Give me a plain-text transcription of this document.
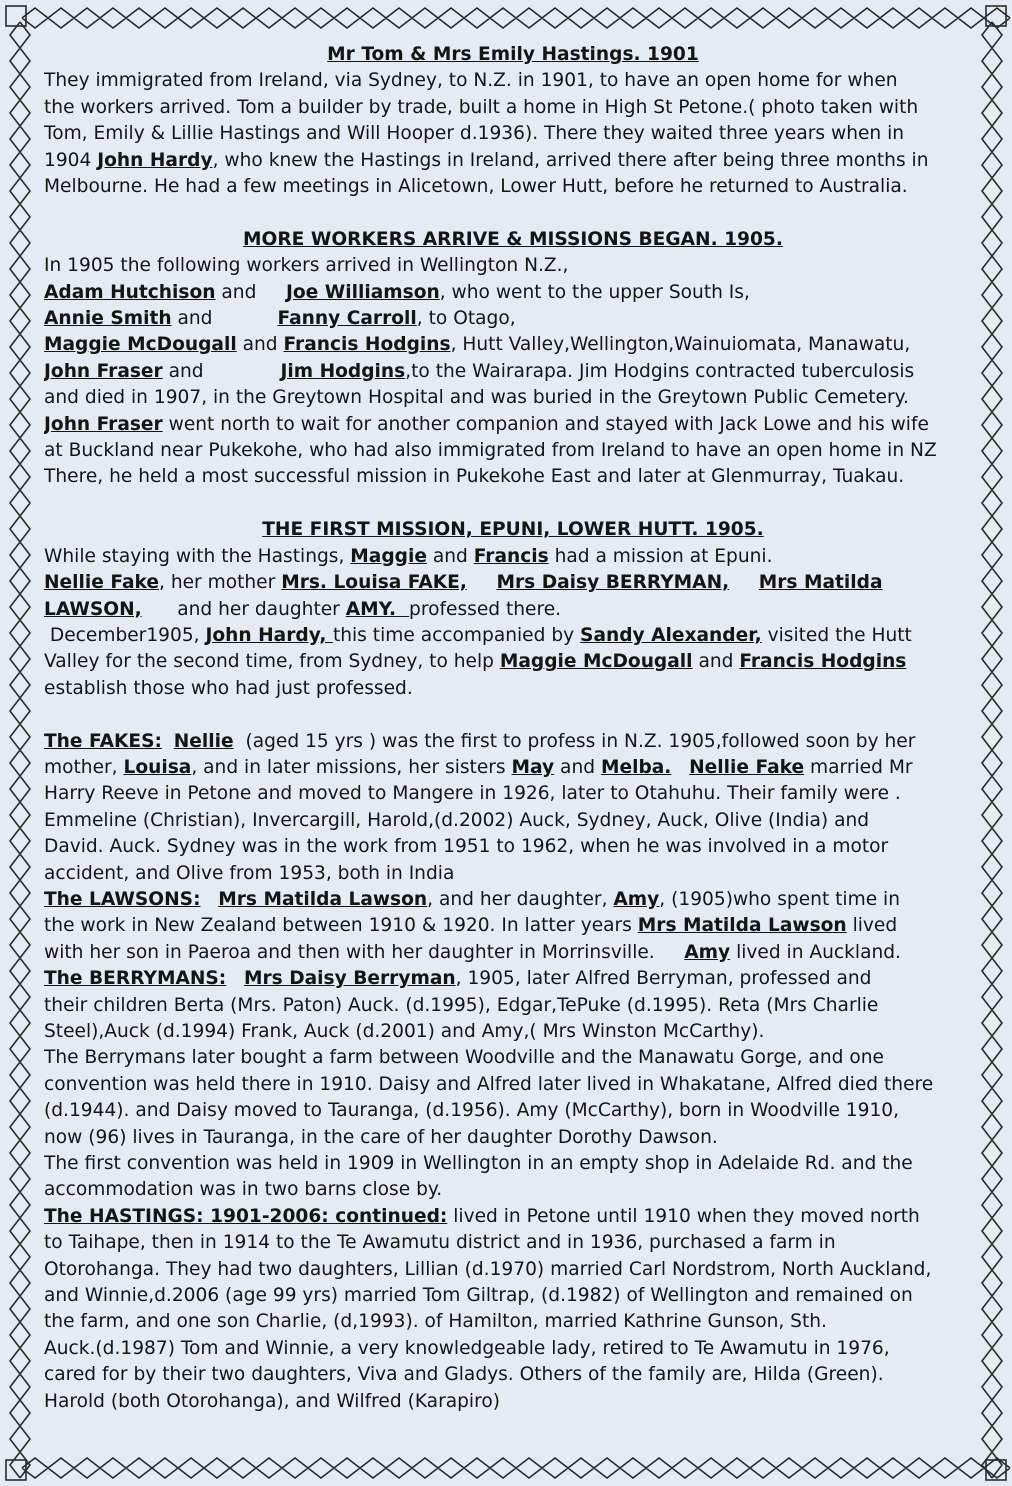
Mr Tom & Mrs Emily Hastings. 1901

They immigrated from Ireland, via Sydney, to N.Z. in 1901, to have an open home for when

the workers arrived. Tom a builder by trade, built a home in High St Petone.( photo taken with

Tom, Emily & Lillie Hastings and Will Hooper d.1936). There they waited three years when in

1904 John Hardy, who knew the Hastings in Ireland, arrived there after being three months in

Melbourne. He had a few meetings in Alicetown, Lower Hutt, before he returned to Australia.

MORE WORKERS ARRIVE & MISSIONS BEGAN. 1905.

In 1905 the following workers arrived in Wellington N.Z.,

Adam Hutchison and     Joe Williamson, who went to the upper South Is,

Annie Smith and           Fanny Carroll, to Otago,

Maggie McDougall and Francis Hodgins, Hutt Valley,Wellington,Wainuiomata, Manawatu,

John Fraser and             Jim Hodgins,to the Wairarapa. Jim Hodgins contracted tuberculosis

and died in 1907, in the Greytown Hospital and was buried in the Greytown Public Cemetery.

John Fraser went north to wait for another companion and stayed with Jack Lowe and his wife

at Buckland near Pukekohe, who had also immigrated from Ireland to have an open home in NZ

There, he held a most successful mission in Pukekohe East and later at Glenmurray, Tuakau.

THE FIRST MISSION, EPUNI, LOWER HUTT. 1905.

While staying with the Hastings, Maggie and Francis had a mission at Epuni.

Nellie Fake, her mother Mrs. Louisa FAKE, Mrs Daisy BERRYMAN, Mrs Matilda

LAWSON,      and her daughter AMY.  professed there.

December1905, John Hardy, this time accompanied by Sandy Alexander, visited the Hutt

Valley for the second time, from Sydney, to help Maggie McDougall and Francis Hodgins

establish those who had just professed.

The FAKES: Nellie  (aged 15 yrs ) was the first to profess in N.Z. 1905,followed soon by her

mother, Louisa, and in later missions, her sisters May and Melba. Nellie Fake married Mr

Harry Reeve in Petone and moved to Mangere in 1926, later to Otahuhu. Their family were .

Emmeline (Christian), Invercargill, Harold,(d.2002) Auck, Sydney, Auck, Olive (India) and

David. Auck. Sydney was in the work from 1951 to 1962, when he was involved in a motor

accident, and Olive from 1953, both in India

The LAWSONS: Mrs Matilda Lawson, and her daughter, Amy, (1905)who spent time in

the work in New Zealand between 1910 & 1920. In latter years Mrs Matilda Lawson lived

with her son in Paeroa and then with her daughter in Morrinsville.     Amy lived in Auckland.

The BERRYMANS: Mrs Daisy Berryman, 1905, later Alfred Berryman, professed and

their children Berta (Mrs. Paton) Auck. (d.1995), Edgar,TePuke (d.1995). Reta (Mrs Charlie

Steel),Auck (d.1994) Frank, Auck (d.2001) and Amy,( Mrs Winston McCarthy).

The Berrymans later bought a farm between Woodville and the Manawatu Gorge, and one

convention was held there in 1910. Daisy and Alfred later lived in Whakatane, Alfred died there

(d.1944). and Daisy moved to Tauranga, (d.1956). Amy (McCarthy), born in Woodville 1910,

now (96) lives in Tauranga, in the care of her daughter Dorothy Dawson.

The first convention was held in 1909 in Wellington in an empty shop in Adelaide Rd. and the

accommodation was in two barns close by.

The HASTINGS: 1901-2006: continued: lived in Petone until 1910 when they moved north

to Taihape, then in 1914 to the Te Awamutu district and in 1936, purchased a farm in

Otorohanga. They had two daughters, Lillian (d.1970) married Carl Nordstrom, North Auckland,

and Winnie,d.2006 (age 99 yrs) married Tom Giltrap, (d.1982) of Wellington and remained on

the farm, and one son Charlie, (d,1993). of Hamilton, married Kathrine Gunson, Sth.

Auck.(d.1987) Tom and Winnie, a very knowledgeable lady, retired to Te Awamutu in 1976,

cared for by their two daughters, Viva and Gladys. Others of the family are, Hilda (Green).

Harold (both Otorohanga), and Wilfred (Karapiro)
